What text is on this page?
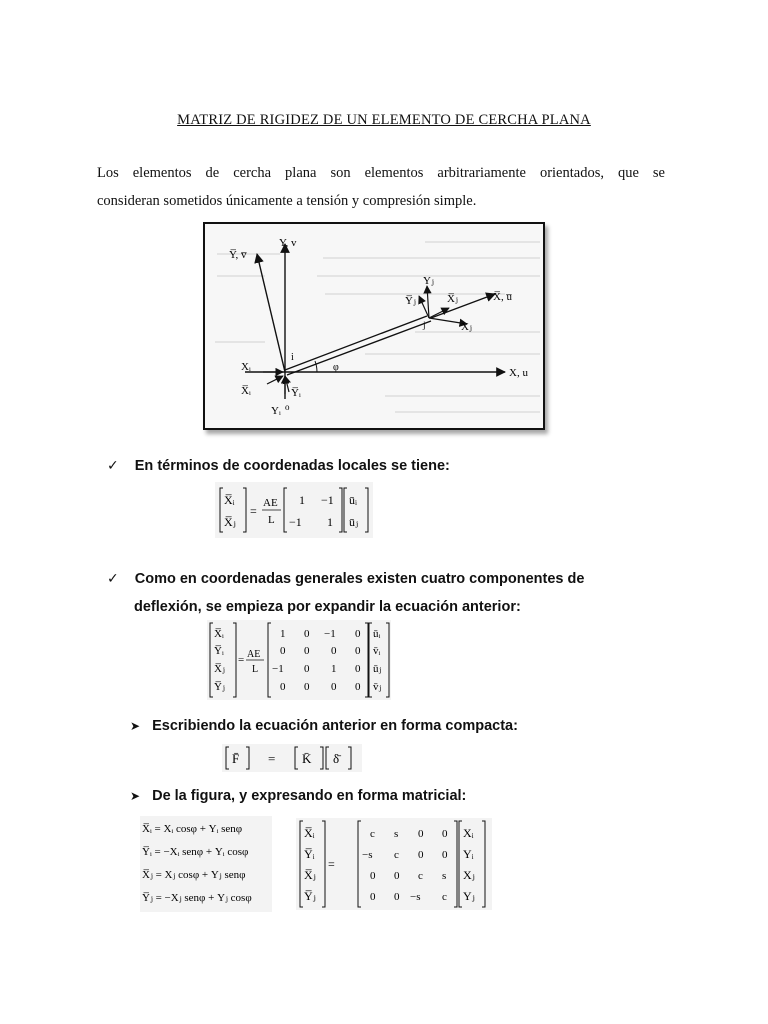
MATRIZ DE RIGIDEZ DE UN ELEMENTO DE CERCHA PLANA
Los elementos de cercha plana son elementos arbitrariamente orientados, que se
consideran sometidos únicamente a tensión y compresión simple.
Y̅, v̅
Y, v
X̅, u̅
X, u
Xᵢ
X̅ᵢ
Yᵢ
Y̅ᵢ
o
i
φ
Yⱼ
Y̅ⱼ	X̅ⱼ
Xⱼ
j
✓ En términos de coordenadas locales se tiene:
X̅ᵢ
X̅ⱼ
=
AE
L
1 −1
−1 1
ūᵢ
ūⱼ
✓ Como en coordenadas generales existen cuatro componentes de
deflexión, se empieza por expandir la ecuación anterior:
X̅ᵢ
Y̅ᵢ
X̅ⱼ
Y̅ⱼ
= AE
L
1 0 −1 0
0 0 0 0
−1 0 1 0
0 0 0 0
ūᵢ
v̄ᵢ
ūⱼ
v̄ⱼ
➤ Escribiendo la ecuación anterior en forma compacta:
F̄ = K̄ δ̄
➤ De la figura, y expresando en forma matricial:
X̅ᵢ = Xᵢ cosφ + Yᵢ senφ
Y̅ᵢ = −Xᵢ senφ + Yᵢ cosφ
X̅ⱼ = Xⱼ cosφ + Yⱼ senφ
Y̅ⱼ = −Xⱼ senφ + Yⱼ cosφ
X̅ᵢ
Y̅ᵢ
X̅ⱼ
Y̅ⱼ
=
c s 0 0
−s c 0 0
0 0 c s
0 0 −s c
Xᵢ
Yᵢ
Xⱼ
Yⱼ
